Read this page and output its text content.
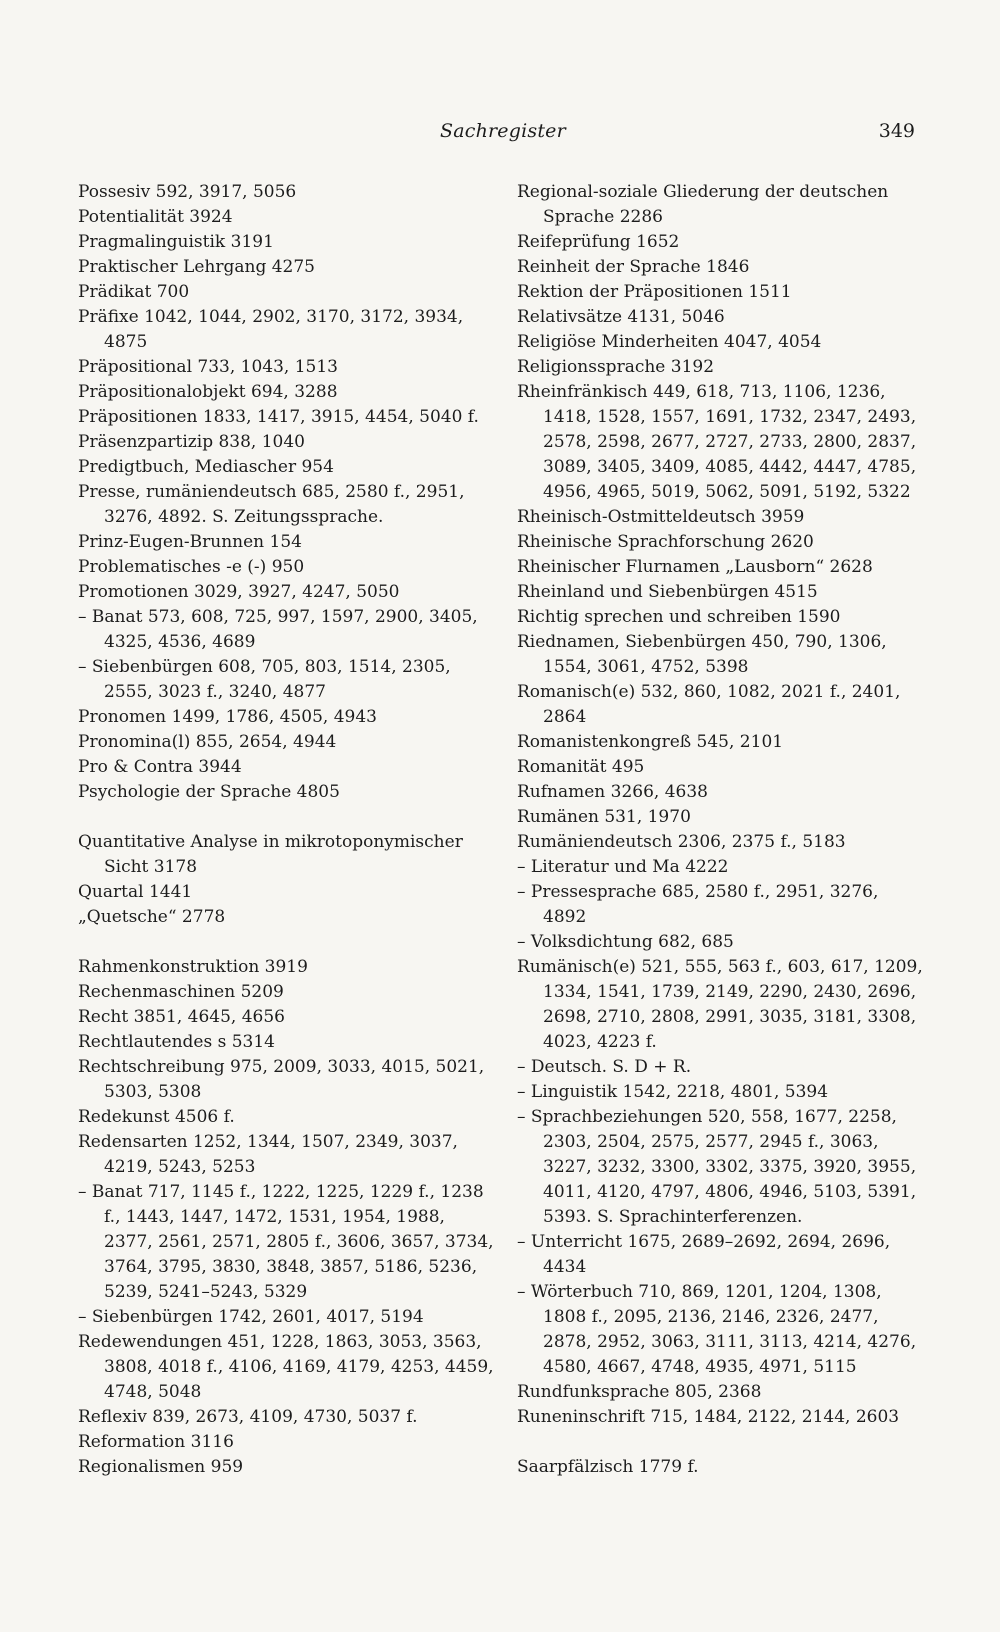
Sachregister	349
Possesiv 592, 3917, 5056
Potentialität 3924
Pragmalinguistik 3191
Praktischer Lehrgang 4275
Prädikat 700
Präfixe 1042, 1044, 2902, 3170, 3172, 3934, 4875
Präpositional 733, 1043, 1513
Präpositionalobjekt 694, 3288
Präpositionen 1833, 1417, 3915, 4454, 5040 f.
Präsenzpartizip 838, 1040
Predigtbuch, Mediascher 954
Presse, rumäniendeutsch 685, 2580 f., 2951, 3276, 4892. S. Zeitungssprache.
Prinz-Eugen-Brunnen 154
Problematisches -e (-) 950
Promotionen 3029, 3927, 4247, 5050
– Banat 573, 608, 725, 997, 1597, 2900, 3405, 4325, 4536, 4689
– Siebenbürgen 608, 705, 803, 1514, 2305, 2555, 3023 f., 3240, 4877
Pronomen 1499, 1786, 4505, 4943
Pronomina(l) 855, 2654, 4944
Pro & Contra 3944
Psychologie der Sprache 4805
Quantitative Analyse in mikrotoponymischer Sicht 3178
Quartal 1441
„Quetsche“ 2778
Rahmenkonstruktion 3919
Rechenmaschinen 5209
Recht 3851, 4645, 4656
Rechtlautendes s 5314
Rechtschreibung 975, 2009, 3033, 4015, 5021, 5303, 5308
Redekunst 4506 f.
Redensarten 1252, 1344, 1507, 2349, 3037, 4219, 5243, 5253
– Banat 717, 1145 f., 1222, 1225, 1229 f., 1238 f., 1443, 1447, 1472, 1531, 1954, 1988, 2377, 2561, 2571, 2805 f., 3606, 3657, 3734, 3764, 3795, 3830, 3848, 3857, 5186, 5236, 5239, 5241–5243, 5329
– Siebenbürgen 1742, 2601, 4017, 5194
Redewendungen 451, 1228, 1863, 3053, 3563, 3808, 4018 f., 4106, 4169, 4179, 4253, 4459, 4748, 5048
Reflexiv 839, 2673, 4109, 4730, 5037 f.
Reformation 3116
Regionalismen 959
Regional-soziale Gliederung der deutschen Sprache 2286
Reifeprüfung 1652
Reinheit der Sprache 1846
Rektion der Präpositionen 1511
Relativsätze 4131, 5046
Religiöse Minderheiten 4047, 4054
Religionssprache 3192
Rheinfränkisch 449, 618, 713, 1106, 1236, 1418, 1528, 1557, 1691, 1732, 2347, 2493, 2578, 2598, 2677, 2727, 2733, 2800, 2837, 3089, 3405, 3409, 4085, 4442, 4447, 4785, 4956, 4965, 5019, 5062, 5091, 5192, 5322
Rheinisch-Ostmitteldeutsch 3959
Rheinische Sprachforschung 2620
Rheinischer Flurnamen „Lausborn“ 2628
Rheinland und Siebenbürgen 4515
Richtig sprechen und schreiben 1590
Riednamen, Siebenbürgen 450, 790, 1306, 1554, 3061, 4752, 5398
Romanisch(e) 532, 860, 1082, 2021 f., 2401, 2864
Romanistenkongreß 545, 2101
Romanität 495
Rufnamen 3266, 4638
Rumänen 531, 1970
Rumäniendeutsch 2306, 2375 f., 5183
– Literatur und Ma 4222
– Pressesprache 685, 2580 f., 2951, 3276, 4892
– Volksdichtung 682, 685
Rumänisch(e) 521, 555, 563 f., 603, 617, 1209, 1334, 1541, 1739, 2149, 2290, 2430, 2696, 2698, 2710, 2808, 2991, 3035, 3181, 3308, 4023, 4223 f.
– Deutsch. S. D + R.
– Linguistik 1542, 2218, 4801, 5394
– Sprachbeziehungen 520, 558, 1677, 2258, 2303, 2504, 2575, 2577, 2945 f., 3063, 3227, 3232, 3300, 3302, 3375, 3920, 3955, 4011, 4120, 4797, 4806, 4946, 5103, 5391, 5393. S. Sprachinterferenzen.
– Unterricht 1675, 2689–2692, 2694, 2696, 4434
– Wörterbuch 710, 869, 1201, 1204, 1308, 1808 f., 2095, 2136, 2146, 2326, 2477, 2878, 2952, 3063, 3111, 3113, 4214, 4276, 4580, 4667, 4748, 4935, 4971, 5115
Rundfunksprache 805, 2368
Runeninschrift 715, 1484, 2122, 2144, 2603
Saarpfälzisch 1779 f.
